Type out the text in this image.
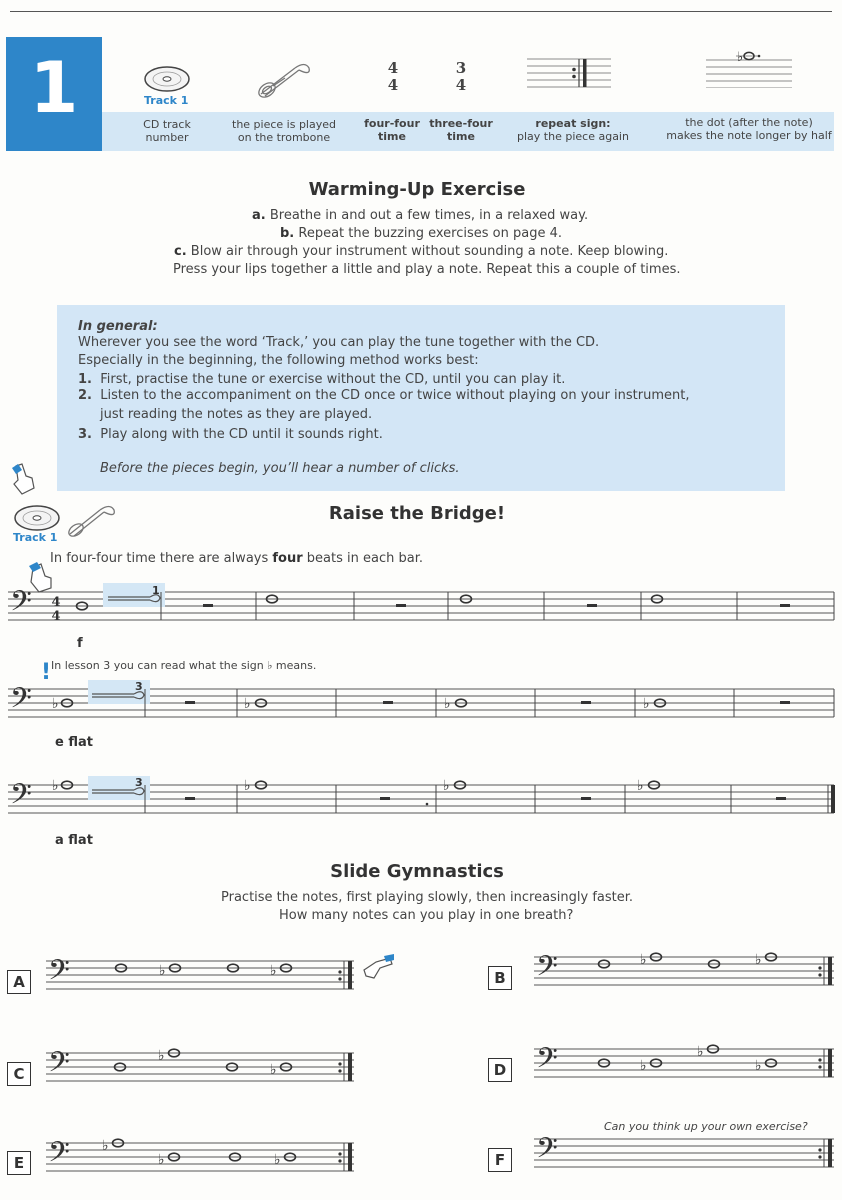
1	Track 1
4
4
3
4
♭
CD track
number
the piece is played
on the trombone
four-four
time
three-four
time
repeat sign:
play the piece again
the dot (after the note)
makes the note longer by half
Warming-Up Exercise
a. Breathe in and out a few times, in a relaxed way.
b. Repeat the buzzing exercises on page 4.
c. Blow air through your instrument without sounding a note. Keep blowing.
Press your lips together a little and play a note. Repeat this a couple of times.
In general:
Wherever you see the word ‘Track,’ you can play the tune together with the CD.
Especially in the beginning, the following method works best:
1. First, practise the tune or exercise without the CD, until you can play it.
2. Listen to the accompaniment on the CD once or twice without playing on your instrument,
just reading the notes as they are played.
3. Play along with the CD until it sounds right.
Before the pieces begin, you’ll hear a number of clicks.
Track 1
Raise the Bridge!
In four-four time there are always four beats in each bar.
𝄢 4
4
1
f
! In lesson 3 you can read what the sign ♭ means.
𝄢	3
♭	♭	♭	♭
e flat
𝄢	3
♭	♭	♭	♭
a flat
Slide Gymnastics
Practise the notes, first playing slowly, then increasingly faster.
How many notes can you play in one breath?
A 𝄢	♭	♭	B 𝄢	♭	♭
C 𝄢	♭
♭	D 𝄢	♭
♭
♭
E 𝄢 ♭
♭	♭
Can you think up your own exercise?
F 𝄢
